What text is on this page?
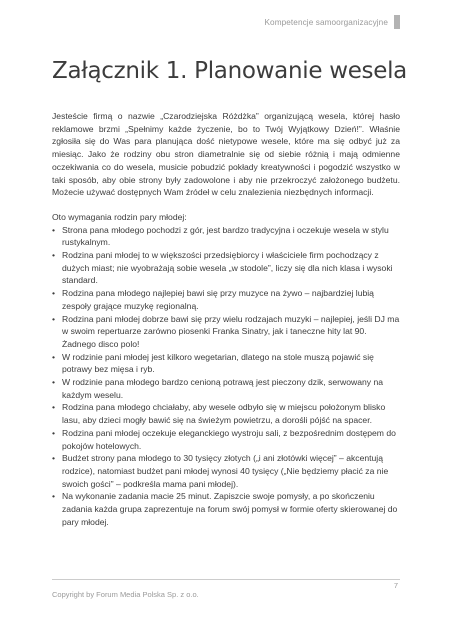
Kompetencje samoorganizacyjne
Załącznik 1. Planowanie wesela

Jesteście firmą o nazwie „Czarodziejska Różdżka” organizującą wesela, której hasło reklamowe brzmi „Spełnimy każde życzenie, bo to Twój Wyjątkowy Dzień!”. Właśnie zgłosiła się do Was para planująca dość nietypowe wesele, które ma się odbyć już za miesiąc. Jako że rodziny obu stron diametralnie się od siebie różnią i mają odmienne oczekiwania co do wesela, musicie pobudzić pokłady kreatywności i pogodzić wszystko w taki sposób, aby obie strony były zadowolone i aby nie przekroczyć założonego budżetu. Możecie używać dostępnych Wam źródeł w celu znalezienia niezbędnych informacji.

Oto wymagania rodzin pary młodej:

• Strona pana młodego pochodzi z gór, jest bardzo tradycyjna i oczekuje wesela w stylu rustykalnym.
• Rodzina pani młodej to w większości przedsiębiorcy i właściciele firm pochodzący z dużych miast; nie wyobrażają sobie wesela „w stodole”, liczy się dla nich klasa i wysoki standard.
• Rodzina pana młodego najlepiej bawi się przy muzyce na żywo – najbardziej lubią zespoły grające muzykę regionalną.
• Rodzina pani młodej dobrze bawi się przy wielu rodzajach muzyki – najlepiej, jeśli DJ ma w swoim repertuarze zarówno piosenki Franka Sinatry, jak i taneczne hity lat 90. Żadnego disco polo!
• W rodzinie pani młodej jest kilkoro wegetarian, dlatego na stole muszą pojawić się potrawy bez mięsa i ryb.
• W rodzinie pana młodego bardzo cenioną potrawą jest pieczony dzik, serwowany na każdym weselu.
• Rodzina pana młodego chciałaby, aby wesele odbyło się w miejscu położonym blisko lasu, aby dzieci mogły bawić się na świeżym powietrzu, a dorośli pójść na spacer.
• Rodzina pani młodej oczekuje eleganckiego wystroju sali, z bezpośrednim dostępem do pokojów hotelowych.
• Budżet strony pana młodego to 30 tysięcy złotych („i ani złotówki więcej” – akcentują rodzice), natomiast budżet pani młodej wynosi 40 tysięcy („Nie będziemy płacić za nie swoich gości” – podkreśla mama pani młodej).
• Na wykonanie zadania macie 25 minut. Zapiszcie swoje pomysły, a po skończeniu zadania każda grupa zaprezentuje na forum swój pomysł w formie oferty skierowanej do pary młodej.
7
Copyright by Forum Media Polska Sp. z o.o.
